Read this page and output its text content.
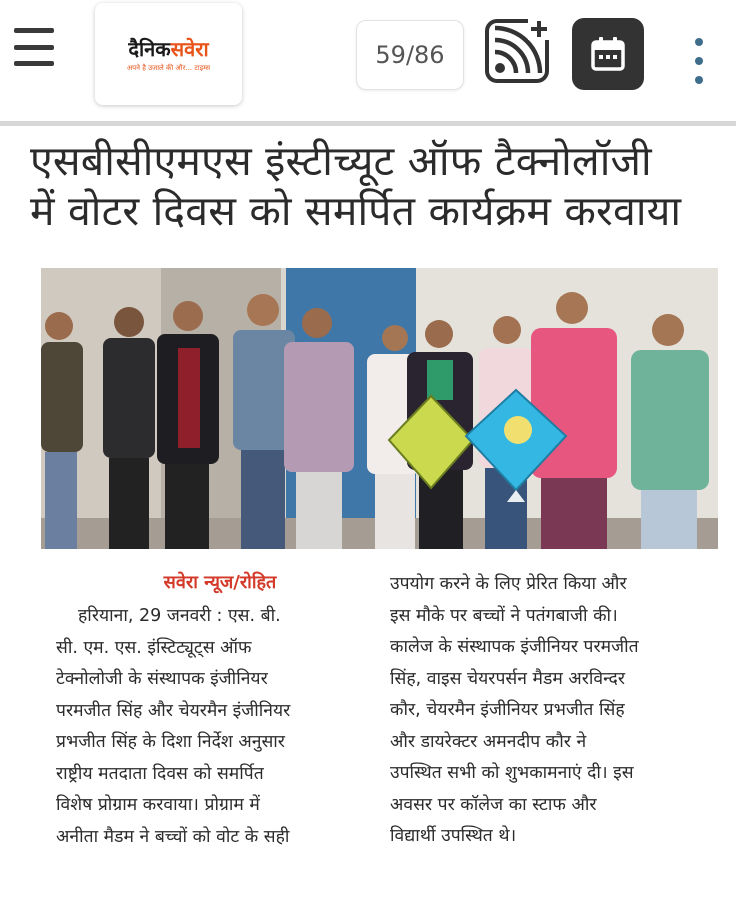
दैनिकसवेरा
अपने है उजाले की और... टाइम्स	59/86
एसबीसीएमएस इंस्टीच्यूट ऑफ टैक्नोलॉजी
में वोटर दिवस को समर्पित कार्यक्रम करवाया
सवेरा न्यूज/रोहित
हरियाना, 29 जनवरी : एस. बी.
सी. एम. एस. इंस्टिट्यूट्स ऑफ
टेक्नोलोजी के संस्थापक इंजीनियर
परमजीत सिंह और चेयरमैन इंजीनियर
प्रभजीत सिंह के दिशा निर्देश अनुसार
राष्ट्रीय मतदाता दिवस को समर्पित
विशेष प्रोग्राम करवाया। प्रोग्राम में
अनीता मैडम ने बच्चों को वोट के सही
उपयोग करने के लिए प्रेरित किया और
इस मौके पर बच्चों ने पतंगबाजी की।
कालेज के संस्थापक इंजीनियर परमजीत
सिंह, वाइस चेयरपर्सन मैडम अरविन्दर
कौर, चेयरमैन इंजीनियर प्रभजीत सिंह
और डायरेक्टर अमनदीप कौर ने
उपस्थित सभी को शुभकामनाएं दी। इस
अवसर पर कॉलेज का स्टाफ और
विद्यार्थी उपस्थित थे।
